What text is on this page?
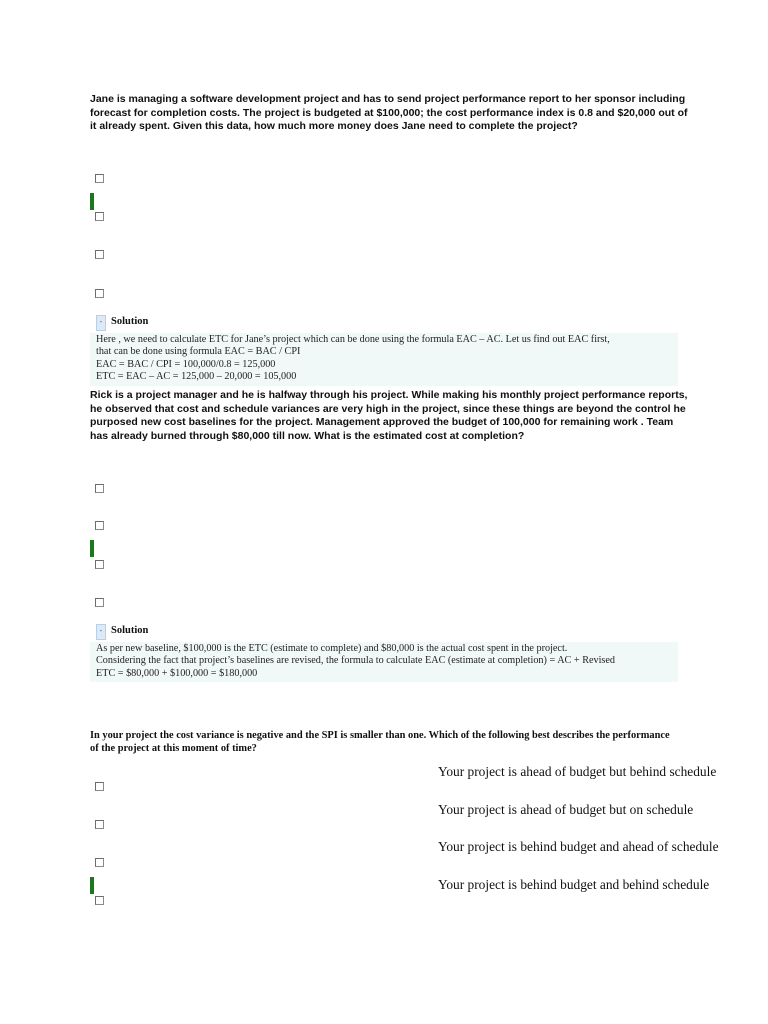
Jane is managing a software development project and has to send project performance report to her sponsor including forecast for completion costs. The project is budgeted at $100,000; the cost performance index is 0.8 and $20,000 out of it already spent. Given this data, how much more money does Jane need to complete the project?
- Solution
Here , we need to calculate ETC for Jane’s project which can be done using the formula EAC – AC. Let us find out EAC first,
that can be done using formula EAC = BAC / CPI
EAC = BAC / CPI = 100,000/0.8 = 125,000
ETC = EAC – AC = 125,000 – 20,000 = 105,000
Rick is a project manager and he is halfway through his project. While making his monthly project performance reports, he observed that cost and schedule variances are very high in the project, since these things are beyond the control he purposed new cost baselines for the project. Management approved the budget of 100,000 for remaining work . Team has already burned through $80,000 till now. What is the estimated cost at completion?
- Solution
As per new baseline, $100,000 is the ETC (estimate to complete) and $80,000 is the actual cost spent in the project.
Considering the fact that project’s baselines are revised, the formula to calculate EAC (estimate at completion) = AC + Revised
ETC = $80,000 + $100,000 = $180,000
In your project the cost variance is negative and the SPI is smaller than one. Which of the following best describes the performance of the project at this moment of time?
Your project is ahead of budget but behind schedule
Your project is ahead of budget but on schedule
Your project is behind budget and ahead of schedule
Your project is behind budget and behind schedule
